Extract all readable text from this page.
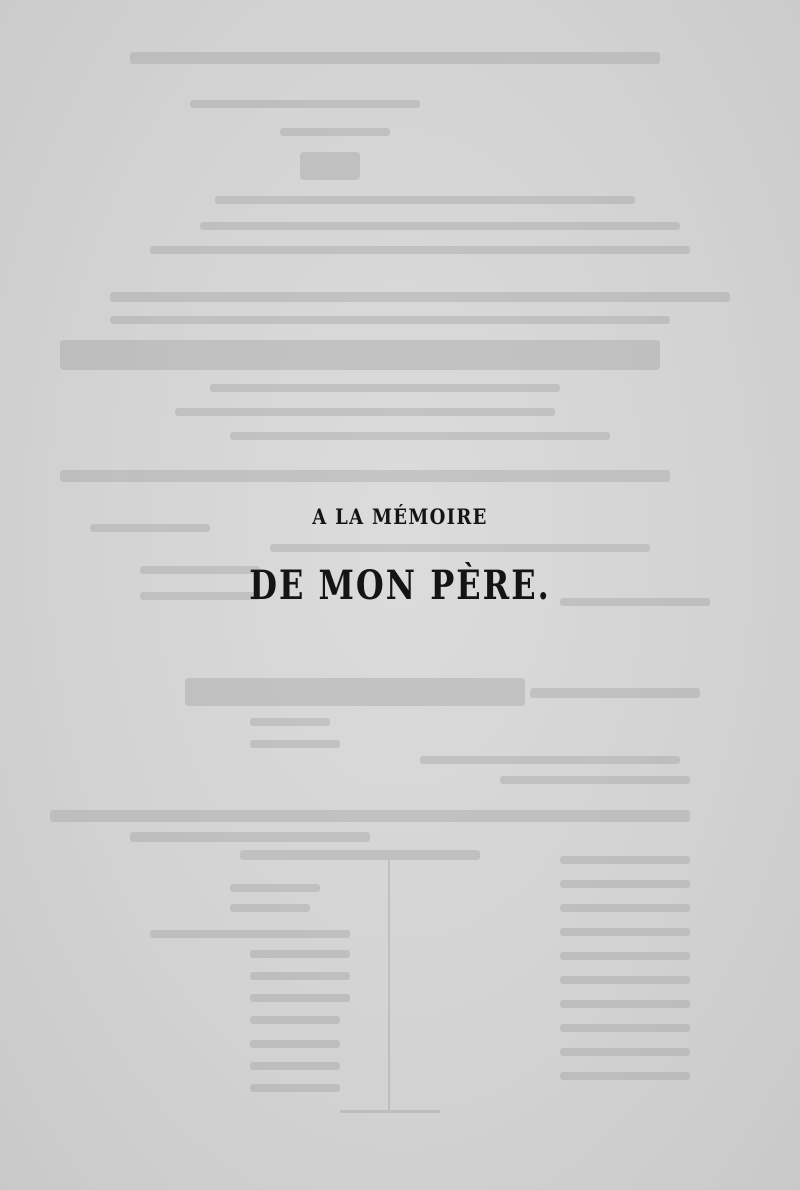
A LA MÉMOIRE
DE MON PÈRE.
